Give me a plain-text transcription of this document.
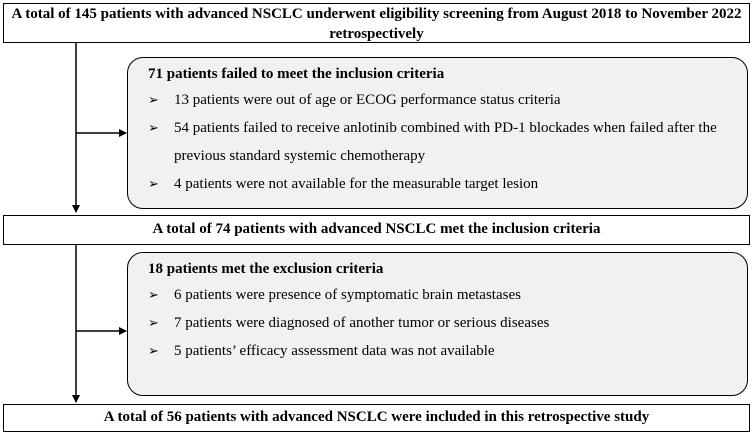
A total of 145 patients with advanced NSCLC underwent eligibility screening from August 2018 to November 2022 retrospectively
71 patients failed to meet the inclusion criteria
➢	13 patients were out of age or ECOG performance status criteria
➢	54 patients failed to receive anlotinib combined with PD-1 blockades when failed after the previous standard systemic chemotherapy
➢	4 patients were not available for the measurable target lesion
A total of 74 patients with advanced NSCLC met the inclusion criteria
18 patients met the exclusion criteria
➢	6 patients were presence of symptomatic brain metastases
➢	7 patients were diagnosed of another tumor or serious diseases
➢	5 patients’ efficacy assessment data was not available
A total of 56 patients with advanced NSCLC were included in this retrospective study
